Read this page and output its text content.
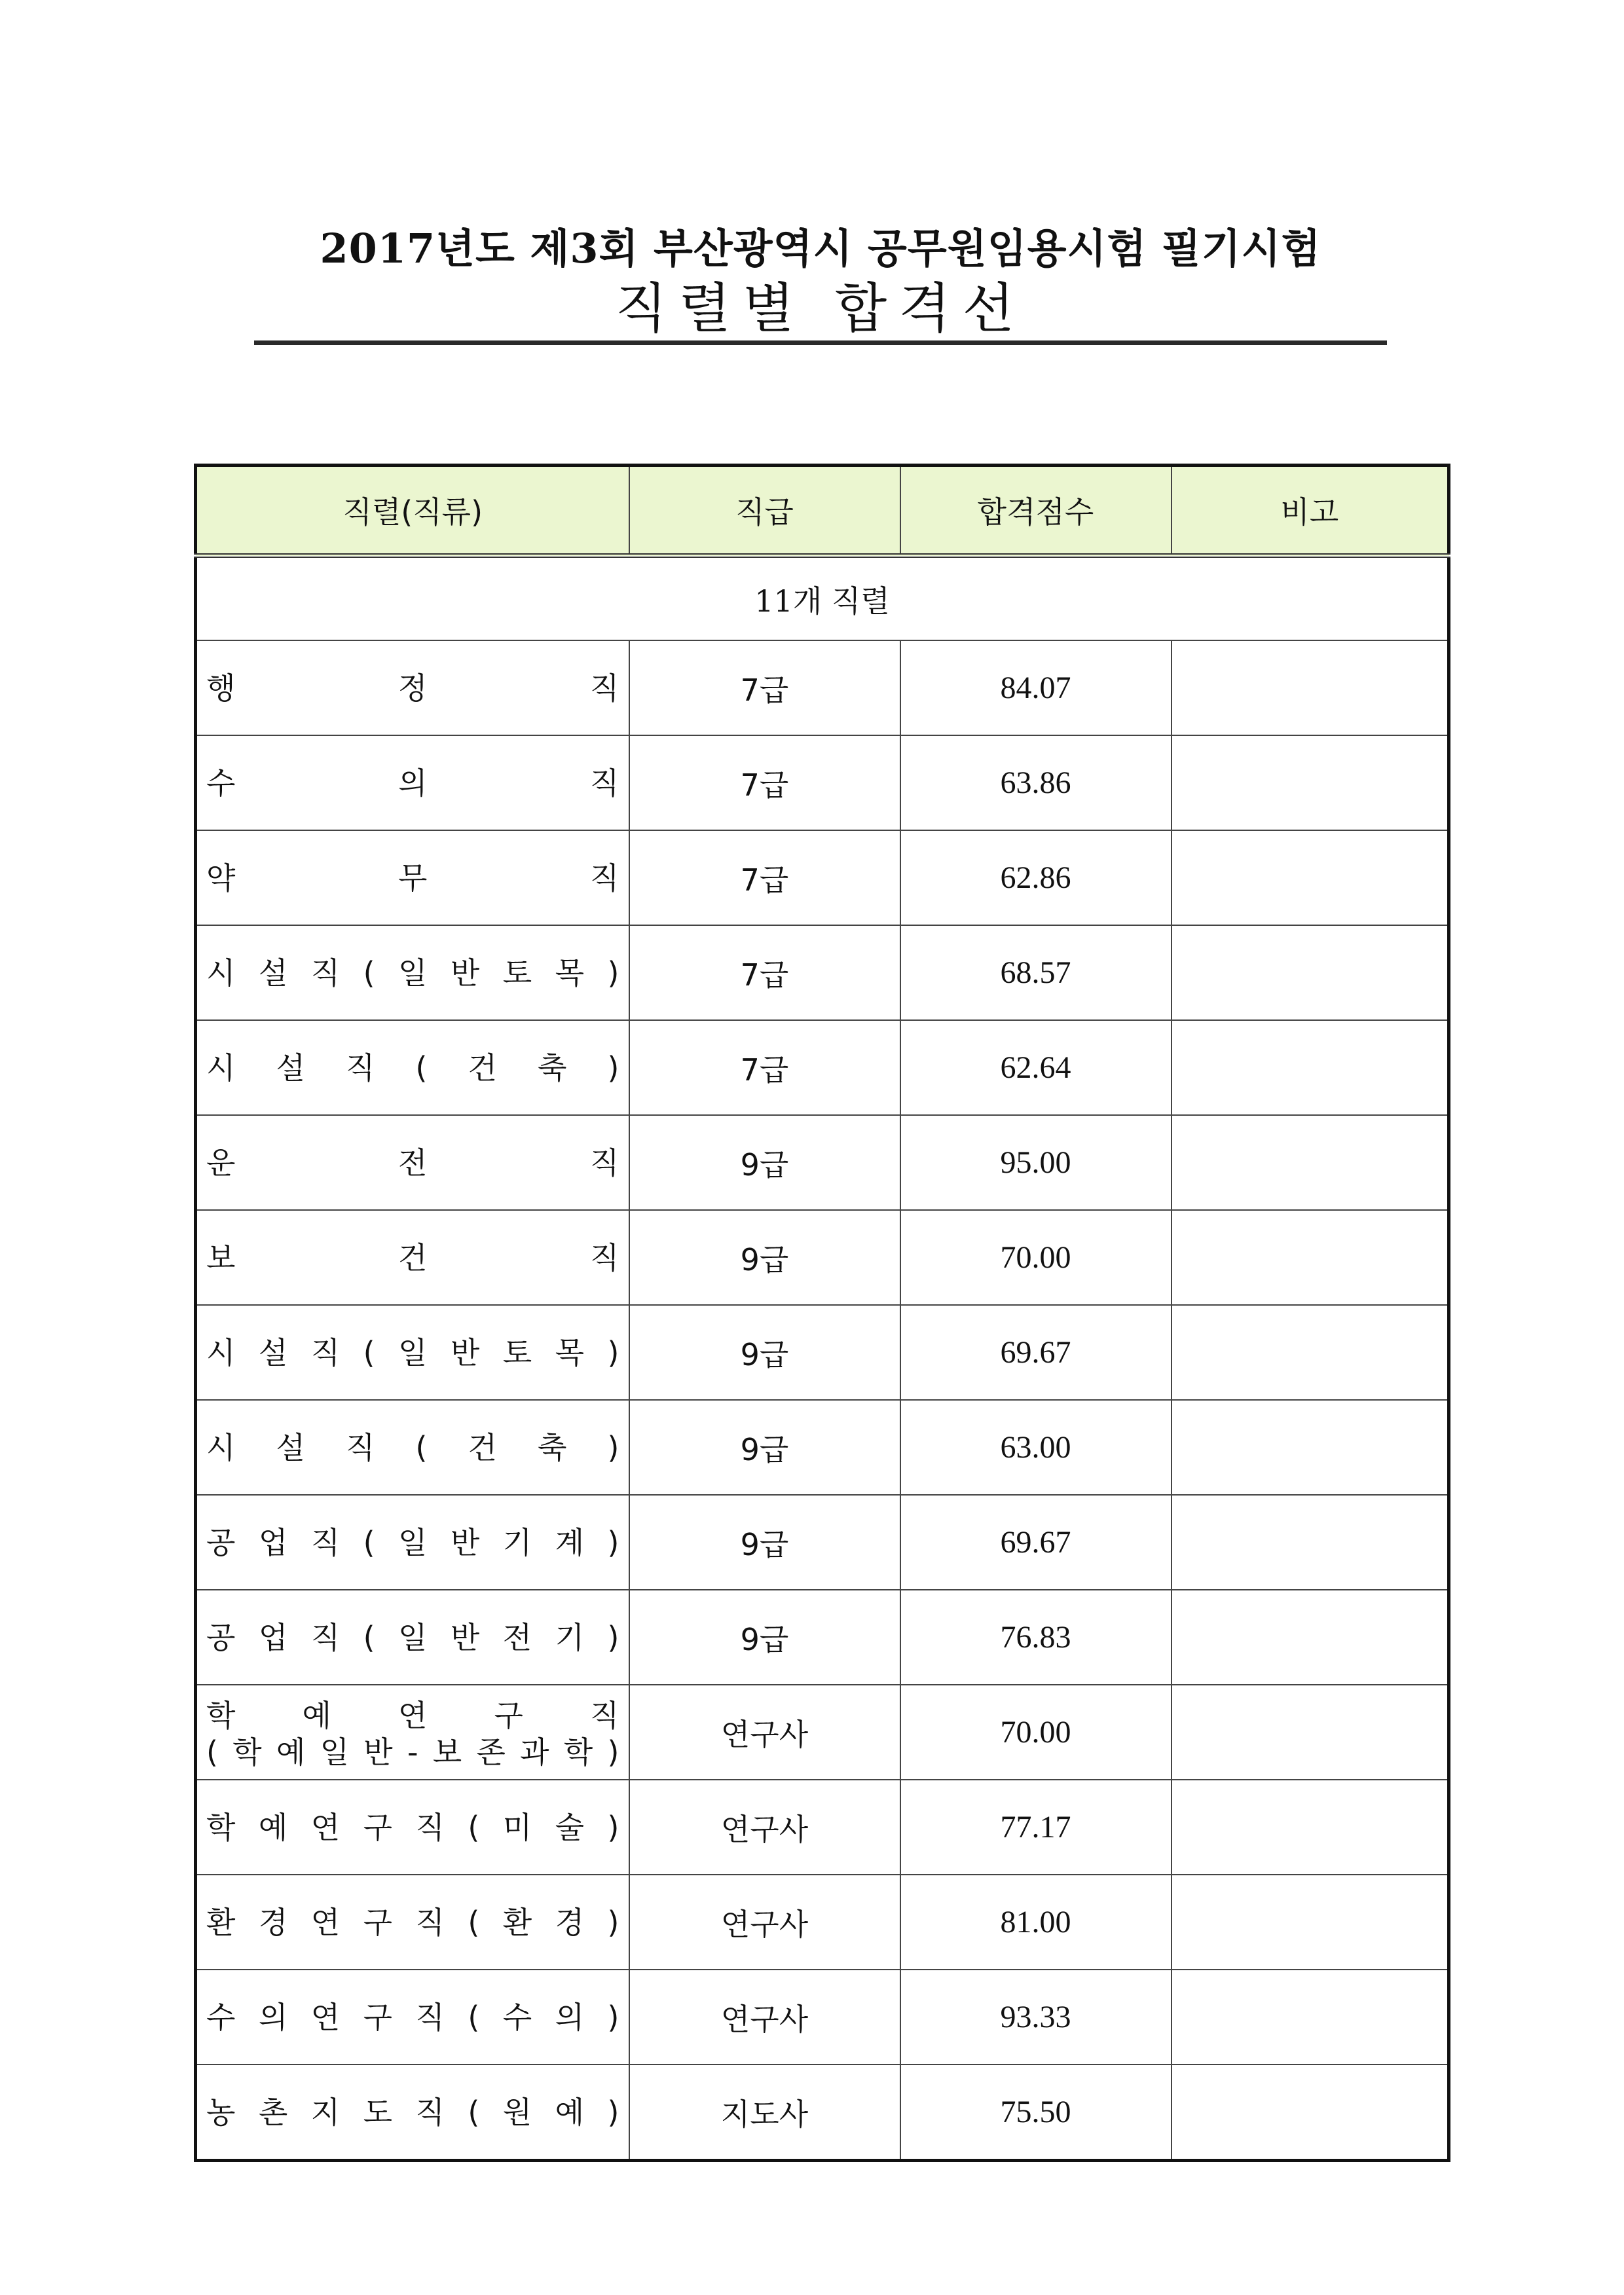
2017년도 제3회 부산광역시 공무원임용시험 필기시험
직렬별 합격선
직렬(직류)	직급	합격점수	비고
11개 직렬			

행 정 직	7급	84.07	

수 의 직	7급	63.86	

약 무 직	7급	62.86	

시 설 직 ( 일 반 토 목 )	7급	68.57	

시 설 직 ( 건 축 )	7급	62.64	

운 전 직	9급	95.00	

보 건 직	9급	70.00	

시 설 직 ( 일 반 토 목 )	9급	69.67	

시 설 직 ( 건 축 )	9급	63.00	

공 업 직 ( 일 반 기 계 )	9급	69.67	

공 업 직 ( 일 반 전 기 )	9급	76.83	

학 예 연 구 직
( 학 예 일 반 - 보 존 과 학 )	연구사	70.00	

학 예 연 구 직 ( 미 술 )	연구사	77.17	

환 경 연 구 직 ( 환 경 )	연구사	81.00	

수 의 연 구 직 ( 수 의 )	연구사	93.33	

농 촌 지 도 직 ( 원 예 )	지도사	75.50	
